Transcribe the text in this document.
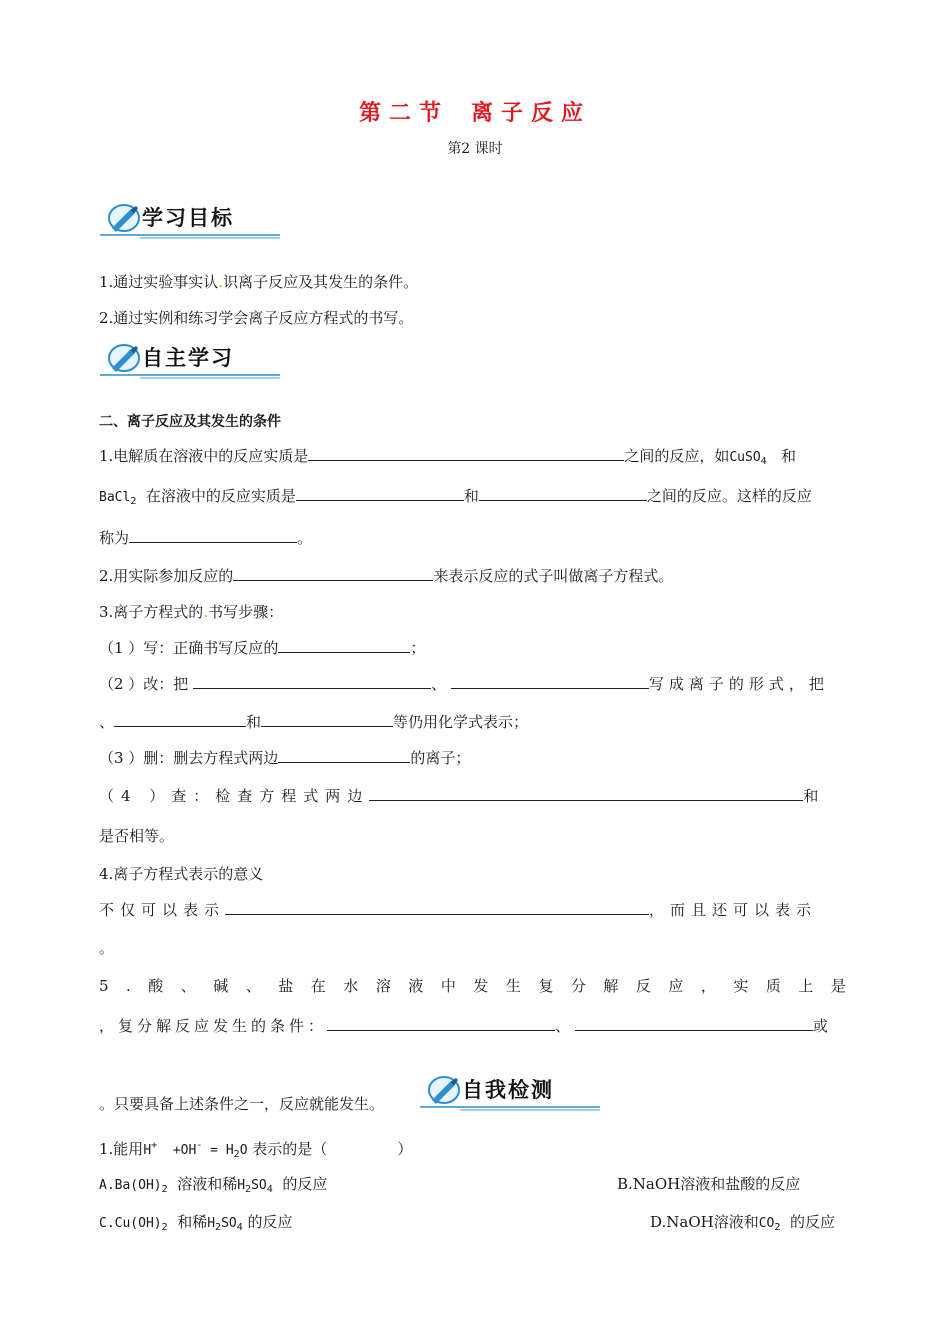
第二节 离子反应
第2 课时
学习目标
1.通过实验事实认.识离子反应及其发生的条件。
2.通过实例和练习学会离子反应方程式的书写。
自主学习
二、离子反应及其发生的条件
1.电解质在溶液中的反应实质是	之间的反应，如CuSO$_4$ 和
BaCl$_2$ 在溶液中的反应实质是	和	之间的反应。这样的反应
称为	。
2.用实际参加反应的	来表示反应的式子叫做离子方程式。
3.离子方程式的.书写步骤：
（1 ）写：正确书写反应的	；
（2 ）改：把	、	写成离子的形式，把
、	和	等仍用化学式表示；
（3 ）删：删去方程式两边	的离子；
（4 ）查：检查方程式两边	和
是否相等。
4.离子方程式表示的意义
不仅可以表示	，而且还可以表示
。
5.酸、碱、盐在水溶液中发生复分解反应，实质上是
，复分解反应发生的条件：	、	或
。只要具备上述条件之一，反应就能发生。
自我检测
1.能用$H^+ +OH^- = H_2O$ 表示的是（	）
$A.Ba(OH)_2$ 溶液和稀$H_2SO_4$ 的反应	B.NaOH溶液和盐酸的反应
$C.Cu(OH)_2$ 和稀$H_2SO_4$ 的反应	D.NaOH溶液和$CO_2$ 的反应
